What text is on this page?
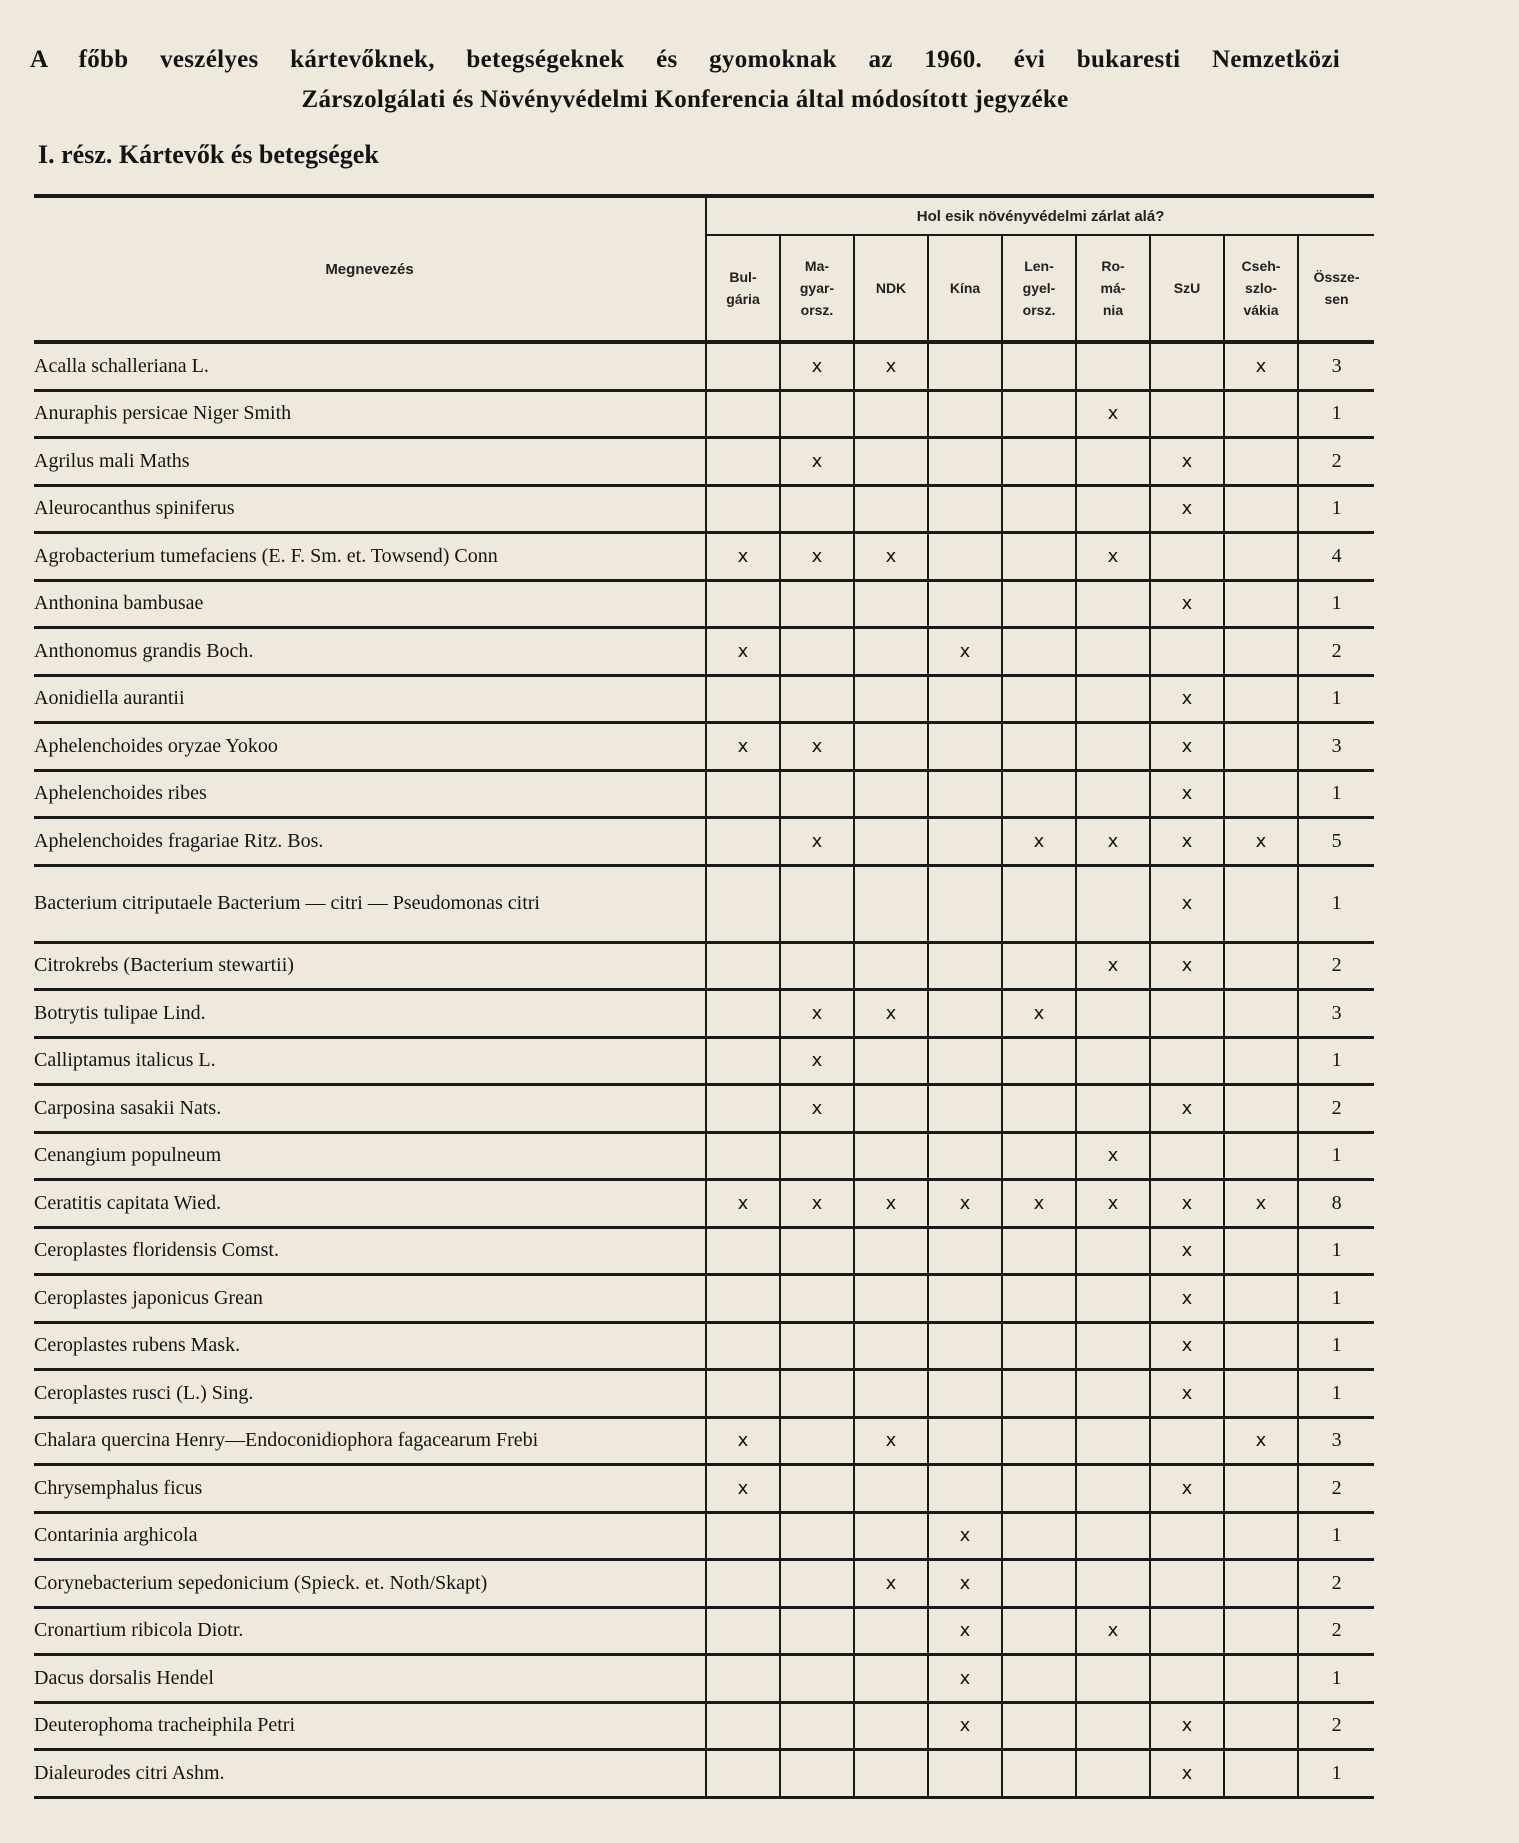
A főbb veszélyes kártevőknek, betegségeknek és gyomoknak az 1960. évi bukaresti Nemzetközi
Zárszolgálati és Növényvédelmi Konferencia által módosított jegyzéke
I. rész. Kártevők és betegségek
Megnevezés	Hol esik növényvédelmi zárlat alá?								
	Bul-
gária	Ma-
gyar-
orsz.	NDK	Kína	Len-
gyel-
orsz.	Ro-
má-
nia	SzU	Cseh-
szlo-
vákia	Össze-
sen
Acalla schalleriana L.		x	x					x	3
Anuraphis persicae Niger Smith						x			1
Agrilus mali Maths		x					x		2
Aleurocanthus spiniferus							x		1
Agrobacterium tumefaciens (E. F. Sm. et. Towsend) Conn	x	x	x			x			4
Anthonina bambusae							x		1
Anthonomus grandis Boch.	x			x					2
Aonidiella aurantii							x		1
Aphelenchoides oryzae Yokoo	x	x					x		3
Aphelenchoides ribes							x		1
Aphelenchoides fragariae Ritz. Bos.		x			x	x	x	x	5
Bacterium citriputaele Bacterium — citri — Pseudomonas citri							x		1
Citrokrebs (Bacterium stewartii)						x	x		2
Botrytis tulipae Lind.		x	x		x				3
Calliptamus italicus L.		x							1
Carposina sasakii Nats.		x					x		2
Cenangium populneum						x			1
Ceratitis capitata Wied.	x	x	x	x	x	x	x	x	8
Ceroplastes floridensis Comst.							x		1
Ceroplastes japonicus Grean							x		1
Ceroplastes rubens Mask.							x		1
Ceroplastes rusci (L.) Sing.							x		1
Chalara quercina Henry—Endoconidiophora fagacearum Frebi	x		x					x	3
Chrysemphalus ficus	x						x		2
Contarinia arghicola				x					1
Corynebacterium sepedonicium (Spieck. et. Noth/Skapt)			x	x					2
Cronartium ribicola Diotr.				x		x			2
Dacus dorsalis Hendel				x					1
Deuterophoma tracheiphila Petri				x			x		2
Dialeurodes citri Ashm.							x		1
